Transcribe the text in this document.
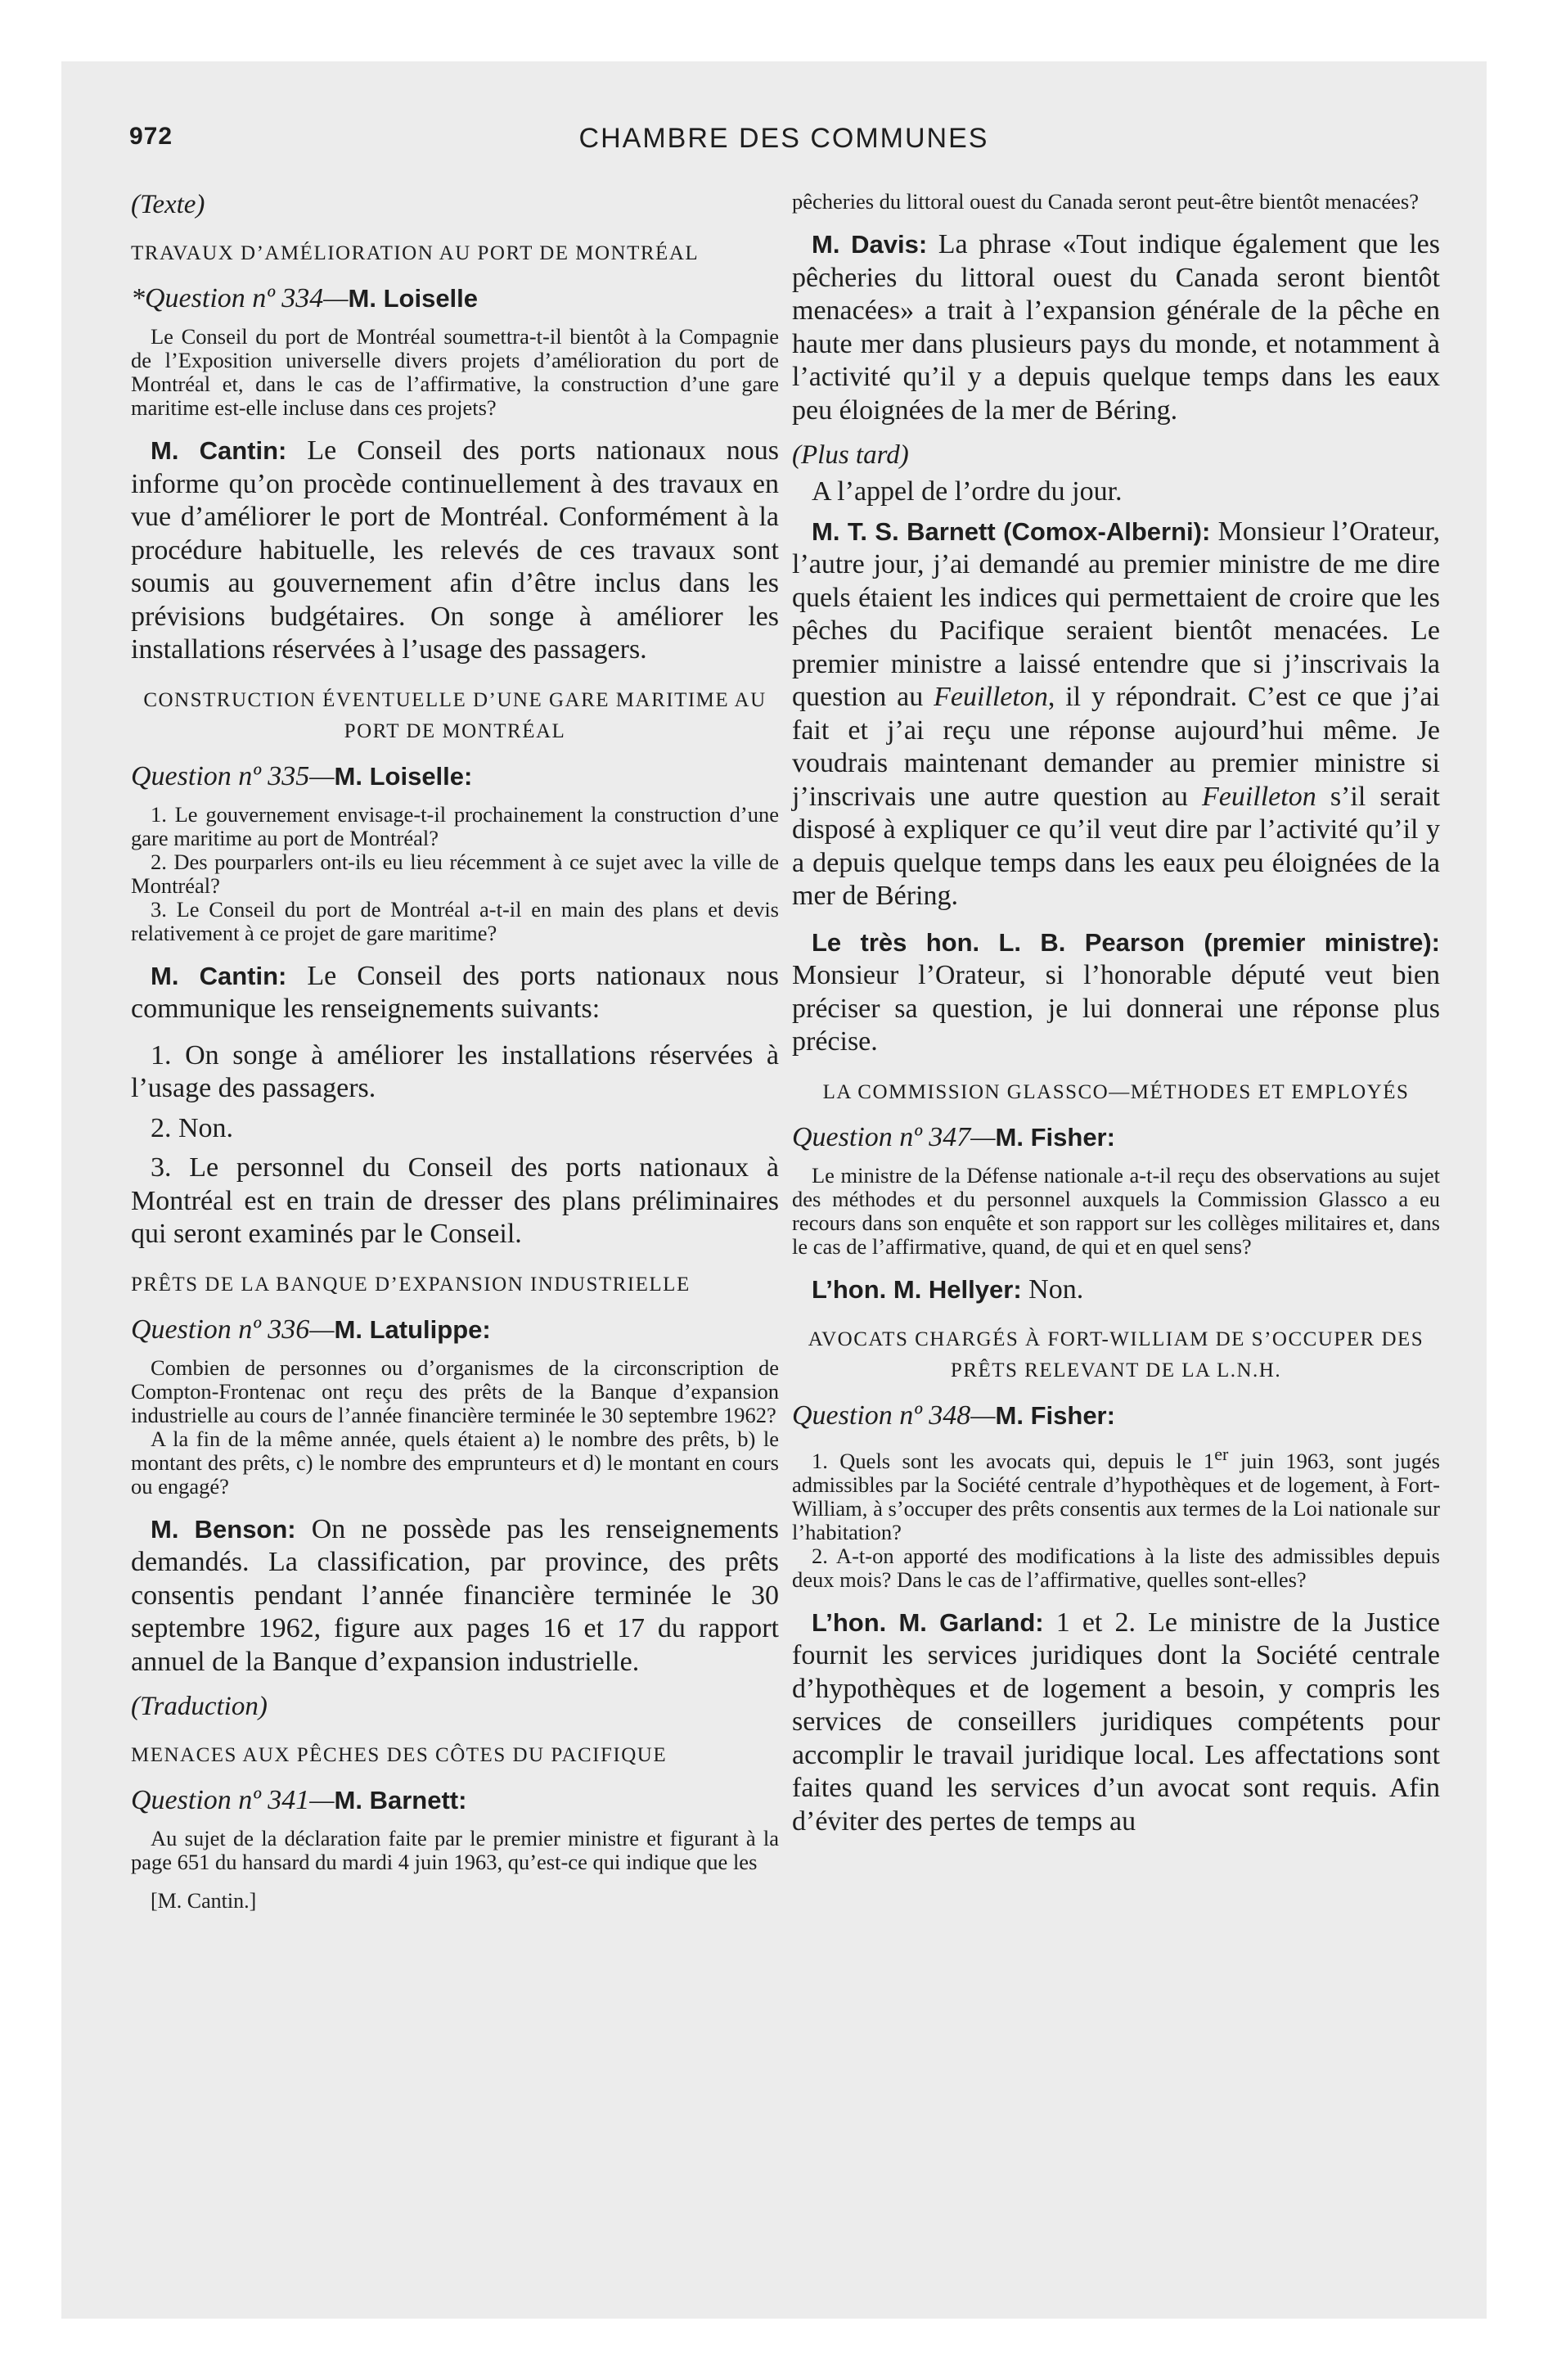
972	CHAMBRE DES COMMUNES

(Texte)

TRAVAUX D’AMÉLIORATION AU PORT DE MONTRÉAL

*Question nº 334—M. Loiselle

Le Conseil du port de Montréal soumettra-t-il bientôt à la Compagnie de l’Exposition universelle divers projets d’amélioration du port de Montréal et, dans le cas de l’affirmative, la construction d’une gare maritime est-elle incluse dans ces projets?

M. Cantin: Le Conseil des ports nationaux nous informe qu’on procède continuellement à des travaux en vue d’améliorer le port de Montréal. Conformément à la procédure habituelle, les relevés de ces travaux sont soumis au gouvernement afin d’être inclus dans les prévisions budgétaires. On songe à améliorer les installations réservées à l’usage des passagers.

CONSTRUCTION ÉVENTUELLE D’UNE GARE MARITIME AU PORT DE MONTRÉAL

Question nº 335—M. Loiselle:

1. Le gouvernement envisage-t-il prochainement la construction d’une gare maritime au port de Montréal?

2. Des pourparlers ont-ils eu lieu récemment à ce sujet avec la ville de Montréal?

3. Le Conseil du port de Montréal a-t-il en main des plans et devis relativement à ce projet de gare maritime?

M. Cantin: Le Conseil des ports nationaux nous communique les renseignements suivants:

1. On songe à améliorer les installations réservées à l’usage des passagers.

2. Non.

3. Le personnel du Conseil des ports nationaux à Montréal est en train de dresser des plans préliminaires qui seront examinés par le Conseil.

PRÊTS DE LA BANQUE D’EXPANSION INDUSTRIELLE

Question nº 336—M. Latulippe:

Combien de personnes ou d’organismes de la circonscription de Compton-Frontenac ont reçu des prêts de la Banque d’expansion industrielle au cours de l’année financière terminée le 30 septembre 1962?

A la fin de la même année, quels étaient a) le nombre des prêts, b) le montant des prêts, c) le nombre des emprunteurs et d) le montant en cours ou engagé?

M. Benson: On ne possède pas les renseignements demandés. La classification, par province, des prêts consentis pendant l’année financière terminée le 30 septembre 1962, figure aux pages 16 et 17 du rapport annuel de la Banque d’expansion industrielle.

(Traduction)

MENACES AUX PÊCHES DES CÔTES DU PACIFIQUE

Question nº 341—M. Barnett:

Au sujet de la déclaration faite par le premier ministre et figurant à la page 651 du hansard du mardi 4 juin 1963, qu’est-ce qui indique que les

[M. Cantin.]

pêcheries du littoral ouest du Canada seront peut-être bientôt menacées?

M. Davis: La phrase «Tout indique également que les pêcheries du littoral ouest du Canada seront bientôt menacées» a trait à l’expansion générale de la pêche en haute mer dans plusieurs pays du monde, et notamment à l’activité qu’il y a depuis quelque temps dans les eaux peu éloignées de la mer de Béring.

(Plus tard)

A l’appel de l’ordre du jour.

M. T. S. Barnett (Comox-Alberni): Monsieur l’Orateur, l’autre jour, j’ai demandé au premier ministre de me dire quels étaient les indices qui permettaient de croire que les pêches du Pacifique seraient bientôt menacées. Le premier ministre a laissé entendre que si j’inscrivais la question au Feuilleton, il y répondrait. C’est ce que j’ai fait et j’ai reçu une réponse aujourd’hui même. Je voudrais maintenant demander au premier ministre si j’inscrivais une autre question au Feuilleton s’il serait disposé à expliquer ce qu’il veut dire par l’activité qu’il y a depuis quelque temps dans les eaux peu éloignées de la mer de Béring.

Le très hon. L. B. Pearson (premier ministre): Monsieur l’Orateur, si l’honorable député veut bien préciser sa question, je lui donnerai une réponse plus précise.

LA COMMISSION GLASSCO—MÉTHODES ET EMPLOYÉS

Question nº 347—M. Fisher:

Le ministre de la Défense nationale a-t-il reçu des observations au sujet des méthodes et du personnel auxquels la Commission Glassco a eu recours dans son enquête et son rapport sur les collèges militaires et, dans le cas de l’affirmative, quand, de qui et en quel sens?

L’hon. M. Hellyer: Non.

AVOCATS CHARGÉS À FORT-WILLIAM DE S’OCCUPER DES PRÊTS RELEVANT DE LA L.N.H.

Question nº 348—M. Fisher:

1. Quels sont les avocats qui, depuis le 1er juin 1963, sont jugés admissibles par la Société centrale d’hypothèques et de logement, à Fort-William, à s’occuper des prêts consentis aux termes de la Loi nationale sur l’habitation?

2. A-t-on apporté des modifications à la liste des admissibles depuis deux mois? Dans le cas de l’affirmative, quelles sont-elles?

L’hon. M. Garland: 1 et 2. Le ministre de la Justice fournit les services juridiques dont la Société centrale d’hypothèques et de logement a besoin, y compris les services de conseillers juridiques compétents pour accomplir le travail juridique local. Les affectations sont faites quand les services d’un avocat sont requis. Afin d’éviter des pertes de temps au
